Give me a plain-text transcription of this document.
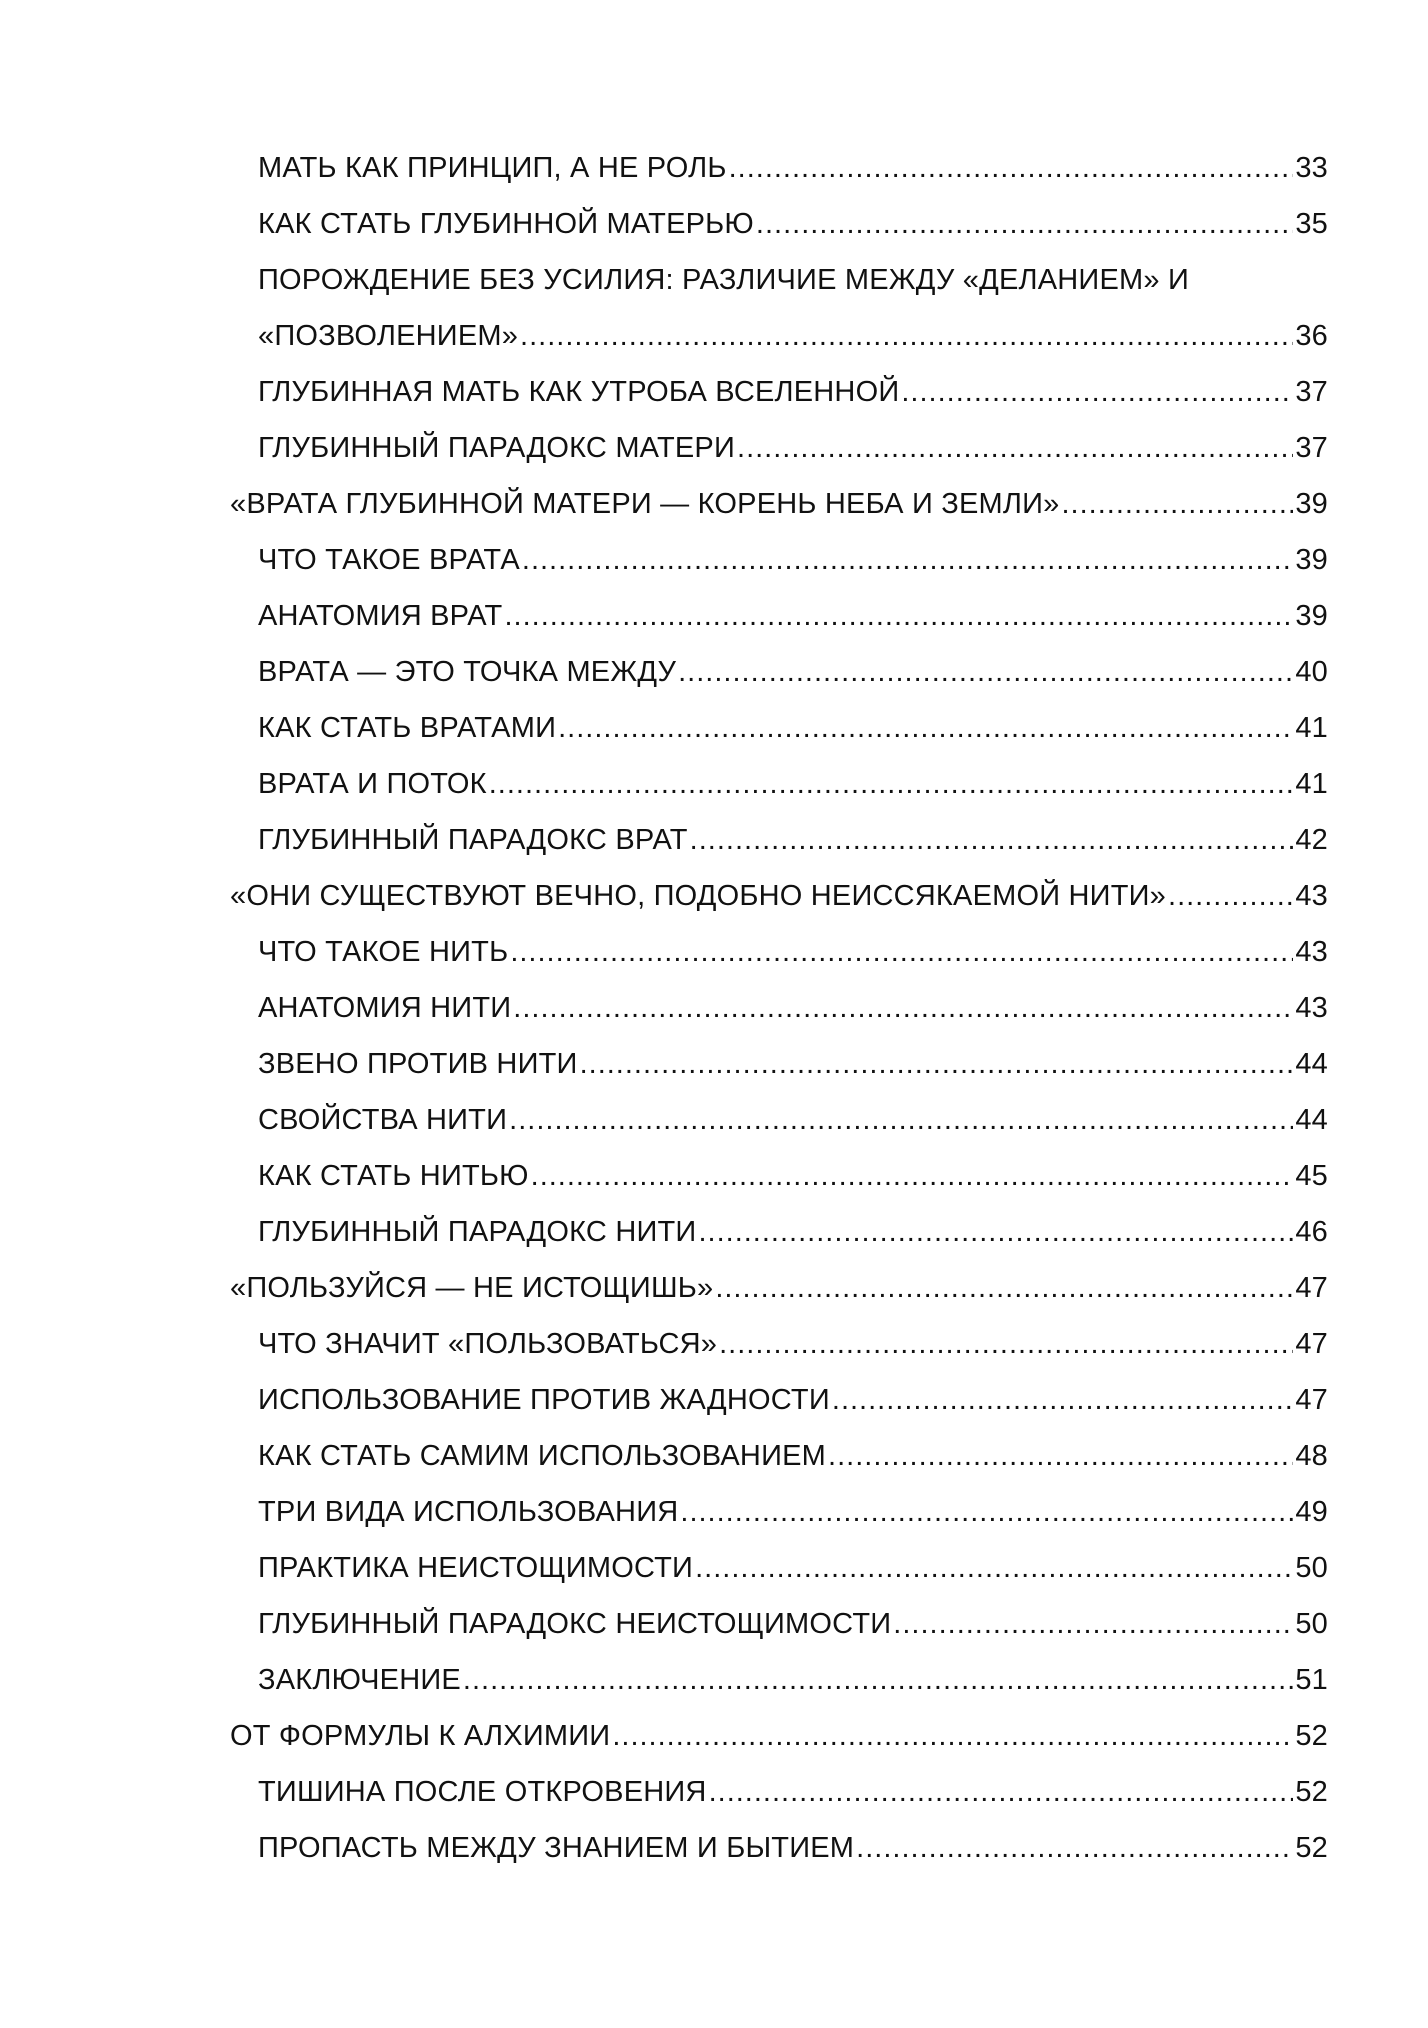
МАТЬ КАК ПРИНЦИП, А НЕ РОЛЬ .....	33
КАК СТАТЬ ГЛУБИННОЙ МАТЕРЬЮ .....	35
ПОРОЖДЕНИЕ БЕЗ УСИЛИЯ: РАЗЛИЧИЕ МЕЖДУ «ДЕЛАНИЕМ» И
«ПОЗВОЛЕНИЕМ» .....	36
ГЛУБИННАЯ МАТЬ КАК УТРОБА ВСЕЛЕННОЙ .....	37
ГЛУБИННЫЙ ПАРАДОКС МАТЕРИ .....	37
«ВРАТА ГЛУБИННОЙ МАТЕРИ — КОРЕНЬ НЕБА И ЗЕМЛИ» .....	39
ЧТО ТАКОЕ ВРАТА .....	39
АНАТОМИЯ ВРАТ .....	39
ВРАТА — ЭТО ТОЧКА МЕЖДУ .....	40
КАК СТАТЬ ВРАТАМИ .....	41
ВРАТА И ПОТОК .....	41
ГЛУБИННЫЙ ПАРАДОКС ВРАТ .....	42
«ОНИ СУЩЕСТВУЮТ ВЕЧНО, ПОДОБНО НЕИССЯКАЕМОЙ НИТИ» .....	43
ЧТО ТАКОЕ НИТЬ .....	43
АНАТОМИЯ НИТИ .....	43
ЗВЕНО ПРОТИВ НИТИ .....	44
СВОЙСТВА НИТИ .....	44
КАК СТАТЬ НИТЬЮ .....	45
ГЛУБИННЫЙ ПАРАДОКС НИТИ .....	46
«ПОЛЬЗУЙСЯ — НЕ ИСТОЩИШЬ» .....	47
ЧТО ЗНАЧИТ «ПОЛЬЗОВАТЬСЯ» .....	47
ИСПОЛЬЗОВАНИЕ ПРОТИВ ЖАДНОСТИ .....	47
КАК СТАТЬ САМИМ ИСПОЛЬЗОВАНИЕМ .....	48
ТРИ ВИДА ИСПОЛЬЗОВАНИЯ .....	49
ПРАКТИКА НЕИСТОЩИМОСТИ .....	50
ГЛУБИННЫЙ ПАРАДОКС НЕИСТОЩИМОСТИ .....	50
ЗАКЛЮЧЕНИЕ .....	51
ОТ ФОРМУЛЫ К АЛХИМИИ .....	52
ТИШИНА ПОСЛЕ ОТКРОВЕНИЯ .....	52
ПРОПАСТЬ МЕЖДУ ЗНАНИЕМ И БЫТИЕМ .....	52
